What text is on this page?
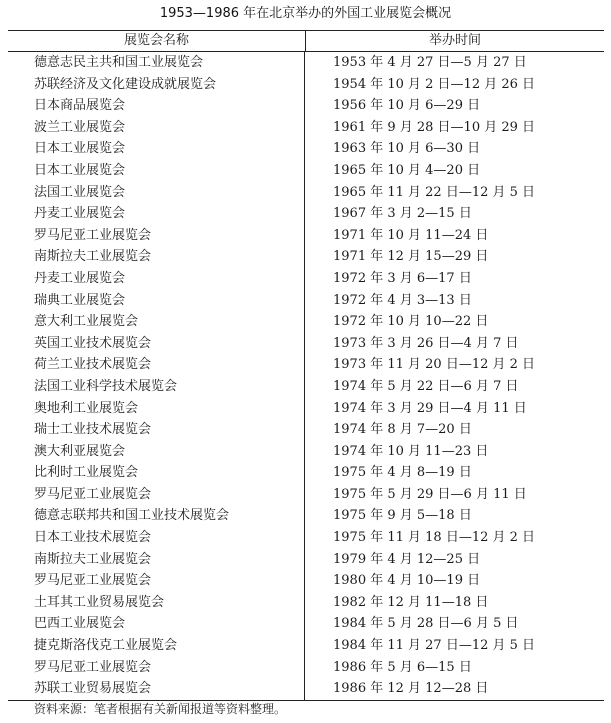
1953—1986 年在北京举办的外国工业展览会概况
展览会名称	举办时间
德意志民主共和国工业展览会	1953 年 4 月 27 日—5 月 27 日
苏联经济及文化建设成就展览会	1954 年 10 月 2 日—12 月 26 日
日本商品展览会	1956 年 10 月 6—29 日
波兰工业展览会	1961 年 9 月 28 日—10 月 29 日
日本工业展览会	1963 年 10 月 6—30 日
日本工业展览会	1965 年 10 月 4—20 日
法国工业展览会	1965 年 11 月 22 日—12 月 5 日
丹麦工业展览会	1967 年 3 月 2—15 日
罗马尼亚工业展览会	1971 年 10 月 11—24 日
南斯拉夫工业展览会	1971 年 12 月 15—29 日
丹麦工业展览会	1972 年 3 月 6—17 日
瑞典工业展览会	1972 年 4 月 3—13 日
意大利工业展览会	1972 年 10 月 10—22 日
英国工业技术展览会	1973 年 3 月 26 日—4 月 7 日
荷兰工业技术展览会	1973 年 11 月 20 日—12 月 2 日
法国工业科学技术展览会	1974 年 5 月 22 日—6 月 7 日
奥地利工业展览会	1974 年 3 月 29 日—4 月 11 日
瑞士工业技术展览会	1974 年 8 月 7—20 日
澳大利亚展览会	1974 年 10 月 11—23 日
比利时工业展览会	1975 年 4 月 8—19 日
罗马尼亚工业展览会	1975 年 5 月 29 日—6 月 11 日
德意志联邦共和国工业技术展览会	1975 年 9 月 5—18 日
日本工业技术展览会	1975 年 11 月 18 日—12 月 2 日
南斯拉夫工业展览会	1979 年 4 月 12—25 日
罗马尼亚工业展览会	1980 年 4 月 10—19 日
土耳其工业贸易展览会	1982 年 12 月 11—18 日
巴西工业展览会	1984 年 5 月 28 日—6 月 5 日
捷克斯洛伐克工业展览会	1984 年 11 月 27 日—12 月 5 日
罗马尼亚工业展览会	1986 年 5 月 6—15 日
苏联工业贸易展览会	1986 年 12 月 12—28 日
资料来源：笔者根据有关新闻报道等资料整理。
